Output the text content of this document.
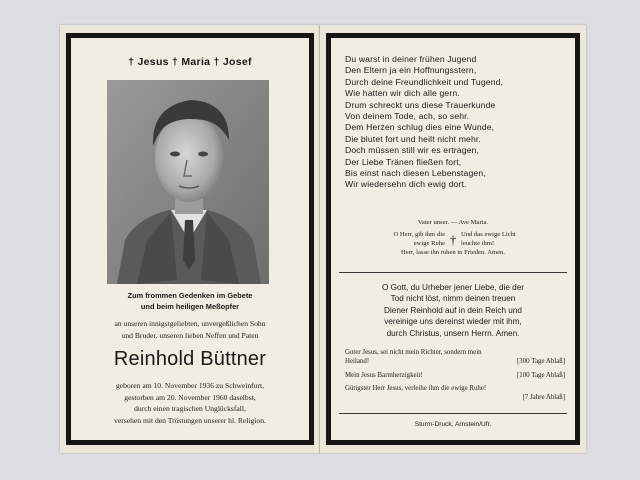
† Jesus † Maria † Josef
Zum frommen Gedenken im Gebete
und beim heiligen Meßopfer
an unseren innigstgeliebten, unvergeßlichen Sohn
und Bruder, unseren lieben Neffen und Paten
Reinhold Büttner
geboren am 10. November 1936 zu Schweinfurt,
gestorben am 20. November 1960 daselbst,
durch einen tragischen Unglücksfall,
versehen mit den Tröstungen unserer hl. Religion.
Du warst in deiner frühen Jugend
Den Eltern ja ein Hoffnungsstern,
Durch deine Freundlichkeit und Tugend,
Wie hatten wir dich alle gern.
Drum schreckt uns diese Trauerkunde
Von deinem Tode, ach, so sehr.
Dem Herzen schlug dies eine Wunde,
Die blutet fort und heilt nicht mehr.
Doch müssen still wir es ertragen,
Der Liebe Tränen fließen fort,
Bis einst nach diesen Lebenstagen,
Wir wiedersehn dich ewig dort.
Vater unser. — Ave Maria.
O Herr, gib ihm die
ewige Ruhe † Und das ewige Licht
leuchte ihm!
Herr, lasse ihn ruhen in Frieden. Amen.
O Gott, du Urheber jener Liebe, die der
Tod nicht löst, nimm deinen treuen
Diener Reinhold auf in dein Reich und
vereinige uns dereinst wieder mit ihm,
durch Christus, unsern Herrn. Amen.
Guter Jesus, sei nicht mein Richter, sondern mein
Heiland!	[300 Tage Ablaß]
Mein Jesus Barmherzigkeit!	[100 Tage Ablaß]
Gütigster Herr Jesus, verleihe ihm die ewige Ruhe!
[7 Jahre Ablaß]
Sturm-Druck, Arnstein/Ufr.
